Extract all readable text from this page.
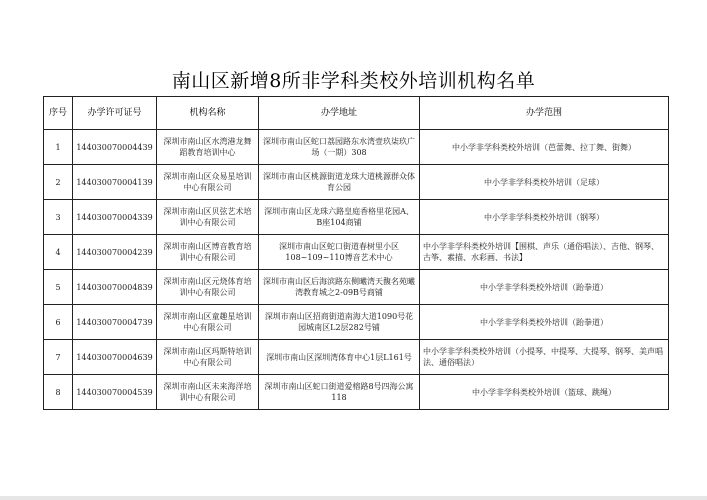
南山区新增8所非学科类校外培训机构名单
序号	办学许可证号	机构名称	办学地址	办学范围
1	144030070004439	深圳市南山区水湾港龙舞蹈教育培训中心	深圳市南山区蛇口荔园路东水湾壹玖柒玖广场（一期）308	中小学非学科类校外培训（芭蕾舞、拉丁舞、街舞）
2	144030070004139	深圳市南山区众易星培训中心有限公司	深圳市南山区桃源街道龙珠大道桃源群众体育公园	中小学非学科类校外培训（足球）
3	144030070004339	深圳市南山区贝弦艺术培训中心有限公司	深圳市南山区龙珠六路皇庭香格里花园A、B座104商铺	中小学非学科类校外培训（钢琴）
4	144030070004239	深圳市南山区博音教育培训中心有限公司	深圳市南山区蛇口街道春树里小区108~109~110博音艺术中心	中小学非学科类校外培训【围棋、声乐（通俗唱法）、吉他、钢琴、古筝、素描、水彩画、书法】
5	144030070004839	深圳市南山区元烧体育培训中心有限公司	深圳市南山区后海滨路东侧曦湾天馥名苑曦湾教育城之2-09B号商铺	中小学非学科类校外培训（跆拳道）
6	144030070004739	深圳市南山区童趣星培训中心有限公司	深圳市南山区招商街道南海大道1090号花园城南区L2层282号铺	中小学非学科类校外培训（跆拳道）
7	144030070004639	深圳市南山区玛斯特培训中心有限公司	深圳市南山区深圳湾体育中心1层L161号	中小学非学科类校外培训（小提琴、中提琴、大提琴、钢琴、美声唱法、通俗唱法）
8	144030070004539	深圳市南山区未来海洋培训中心有限公司	深圳市南山区蛇口街道爱榕路8号四海公寓118	中小学非学科类校外培训（篮球、跳绳）
